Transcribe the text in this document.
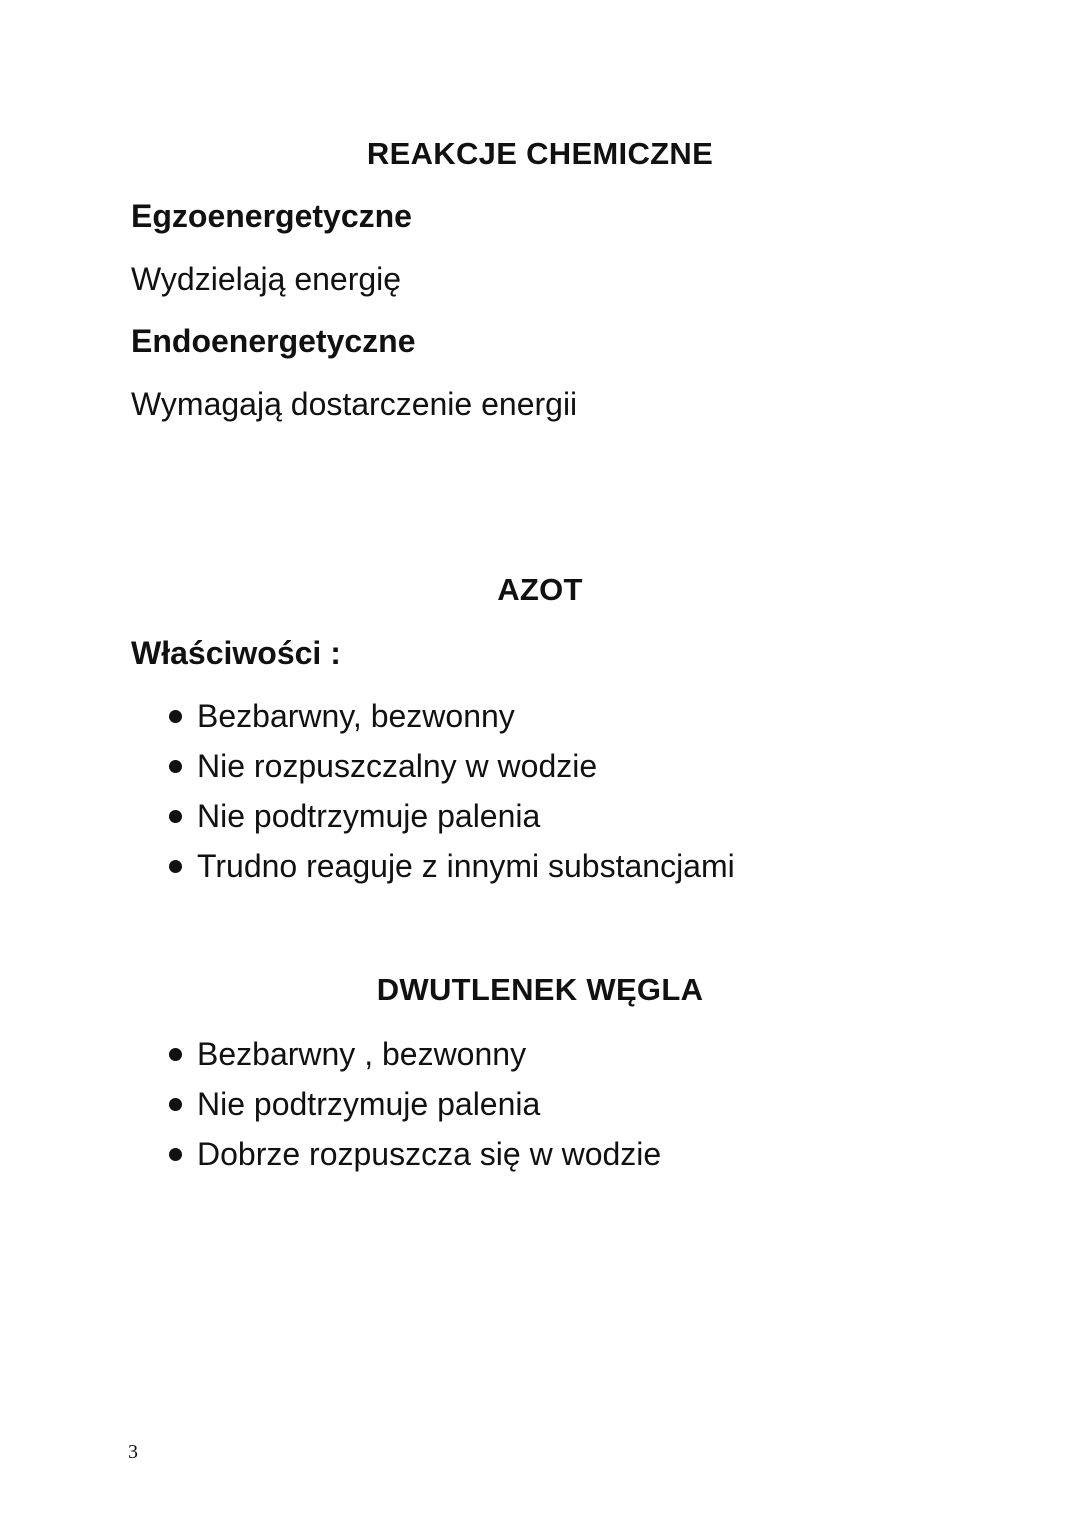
REAKCJE CHEMICZNE
Egzoenergetyczne
Wydzielają energię
Endoenergetyczne
Wymagają dostarczenie energii
AZOT
Właściwości :
Bezbarwny, bezwonny
Nie rozpuszczalny w wodzie
Nie podtrzymuje palenia
Trudno reaguje z innymi substancjami
DWUTLENEK WĘGLA
Bezbarwny , bezwonny
Nie podtrzymuje palenia
Dobrze rozpuszcza się w wodzie
3
